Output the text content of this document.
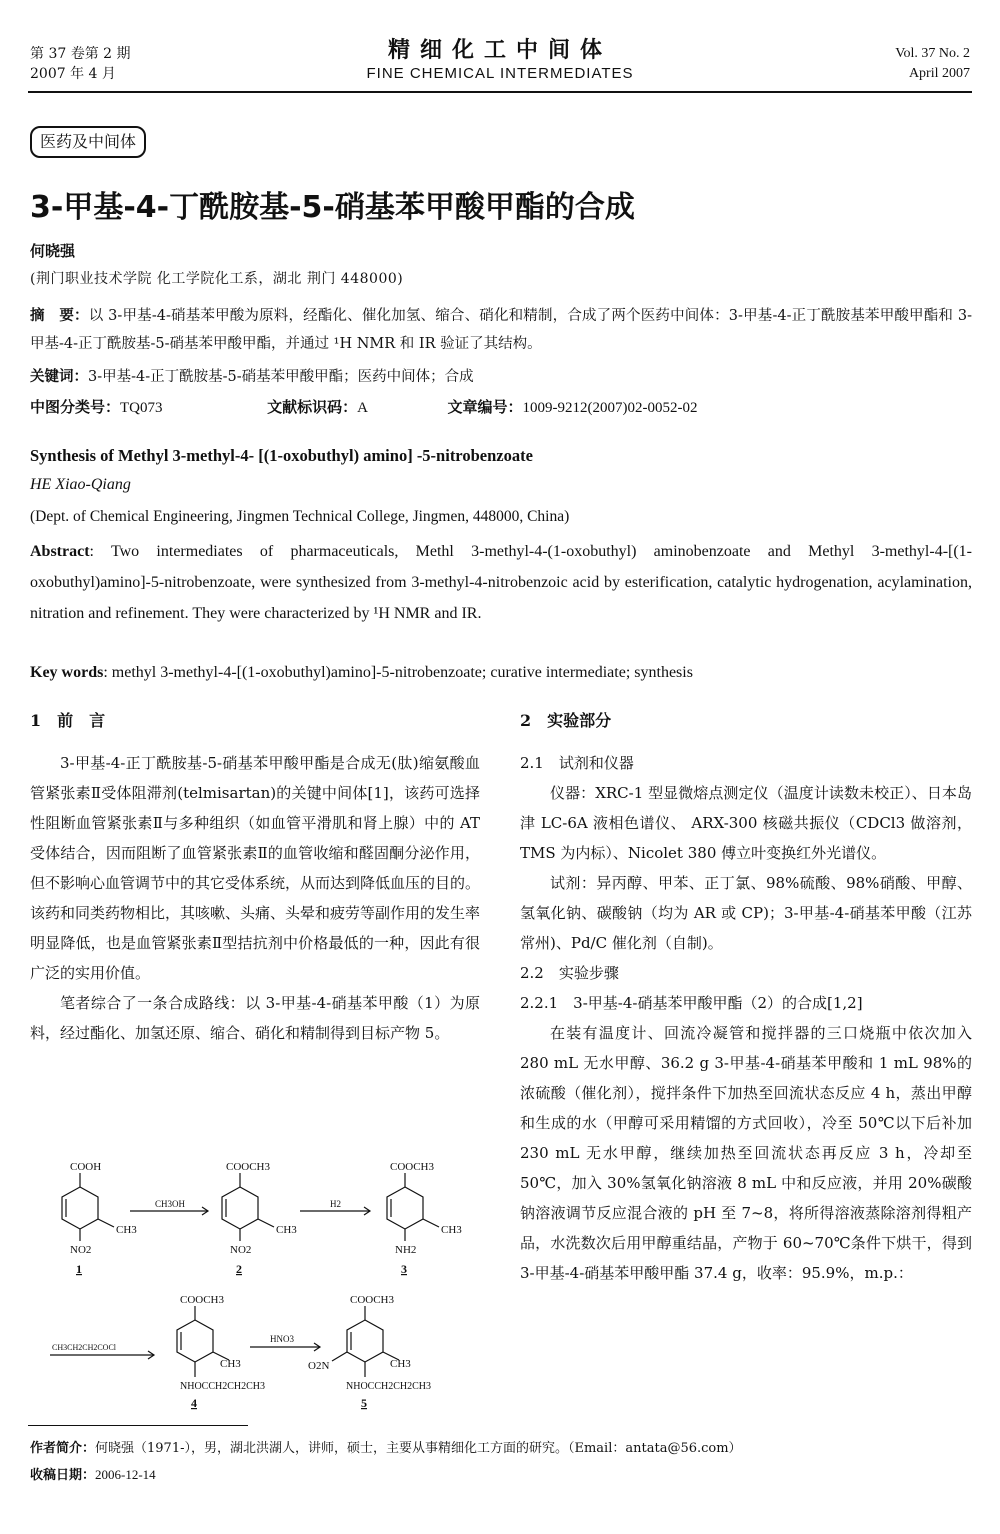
第 37 卷第 2 期
2007 年 4 月
精细化工中间体
FINE CHEMICAL INTERMEDIATES
Vol. 37 No. 2
April 2007
医药及中间体
3-甲基-4-丁酰胺基-5-硝基苯甲酸甲酯的合成
何晓强
(荆门职业技术学院 化工学院化工系，湖北 荆门 448000)
摘　要：以 3-甲基-4-硝基苯甲酸为原料，经酯化、催化加氢、缩合、硝化和精制，合成了两个医药中间体：3-甲基-4-正丁酰胺基苯甲酸甲酯和 3-甲基-4-正丁酰胺基-5-硝基苯甲酸甲酯，并通过 ¹H NMR 和 IR 验证了其结构。
关键词：3-甲基-4-正丁酰胺基-5-硝基苯甲酸甲酯；医药中间体；合成
中图分类号：TQ073	文献标识码：A	文章编号：1009-9212(2007)02-0052-02
Synthesis of Methyl 3-methyl-4- [(1-oxobuthyl) amino] -5-nitrobenzoate
HE Xiao-Qiang
(Dept. of Chemical Engineering, Jingmen Technical College, Jingmen, 448000, China)
Abstract: Two intermediates of pharmaceuticals, Methl 3-methyl-4-(1-oxobuthyl) aminobenzoate and Methyl 3-methyl-4-[(1-oxobuthyl)amino]-5-nitrobenzoate, were synthesized from 3-methyl-4-nitrobenzoic acid by esterification, catalytic hydrogenation, acylamination, nitration and refinement. They were characterized by ¹H NMR and IR.
Key words: methyl 3-methyl-4-[(1-oxobuthyl)amino]-5-nitrobenzoate; curative intermediate; synthesis
1　前　言
3-甲基-4-正丁酰胺基-5-硝基苯甲酸甲酯是合成无(肽)缩氨酸血管紧张素Ⅱ受体阻滞剂(telmisartan)的关键中间体[1]，该药可选择性阻断血管紧张素Ⅱ与多种组织（如血管平滑肌和肾上腺）中的 AT 受体结合，因而阻断了血管紧张素Ⅱ的血管收缩和醛固酮分泌作用，但不影响心血管调节中的其它受体系统，从而达到降低血压的目的。该药和同类药物相比，其咳嗽、头痛、头晕和疲劳等副作用的发生率明显降低，也是血管紧张素Ⅱ型拮抗剂中价格最低的一种，因此有很广泛的实用价值。
笔者综合了一条合成路线：以 3-甲基-4-硝基苯甲酸（1）为原料，经过酯化、加氢还原、缩合、硝化和精制得到目标产物 5。
COOH
CH3
NO2
1
CH3OH
COOCH3
CH3
NO2
2
H2
COOCH3
CH3
NH2
3
CH3CH2CH2COCl
COOCH3
CH3
NHOCCH2CH2CH3
4
HNO3
COOCH3
CH3
O2N
NHOCCH2CH2CH3
5
2　实验部分
2.1　试剂和仪器
仪器：XRC-1 型显微熔点测定仪（温度计读数未校正）、日本岛津 LC-6A 液相色谱仪、 ARX-300 核磁共振仪（CDCl3 做溶剂，TMS 为内标）、Nicolet 380 傅立叶变换红外光谱仪。
试剂：异丙醇、甲苯、正丁氯、98%硫酸、98%硝酸、甲醇、氢氧化钠、碳酸钠（均为 AR 或 CP)；3-甲基-4-硝基苯甲酸（江苏常州)、Pd/C 催化剂（自制)。
2.2　实验步骤
2.2.1　3-甲基-4-硝基苯甲酸甲酯（2）的合成[1,2]
在装有温度计、回流冷凝管和搅拌器的三口烧瓶中依次加入 280 mL 无水甲醇、36.2 g 3-甲基-4-硝基苯甲酸和 1 mL 98%的浓硫酸（催化剂），搅拌条件下加热至回流状态反应 4 h，蒸出甲醇和生成的水（甲醇可采用精馏的方式回收），冷至 50℃以下后补加 230 mL 无水甲醇，继续加热至回流状态再反应 3 h，冷却至 50℃，加入 30%氢氧化钠溶液 8 mL 中和反应液，并用 20%碳酸钠溶液调节反应混合液的 pH 至 7~8，将所得溶液蒸除溶剂得粗产品，水洗数次后用甲醇重结晶，产物于 60~70℃条件下烘干，得到 3-甲基-4-硝基苯甲酸甲酯 37.4 g，收率：95.9%，m.p.：
作者简介：何晓强（1971-），男，湖北洪湖人，讲师，硕士，主要从事精细化工方面的研究。（Email：antata@56.com）
收稿日期：2006-12-14
